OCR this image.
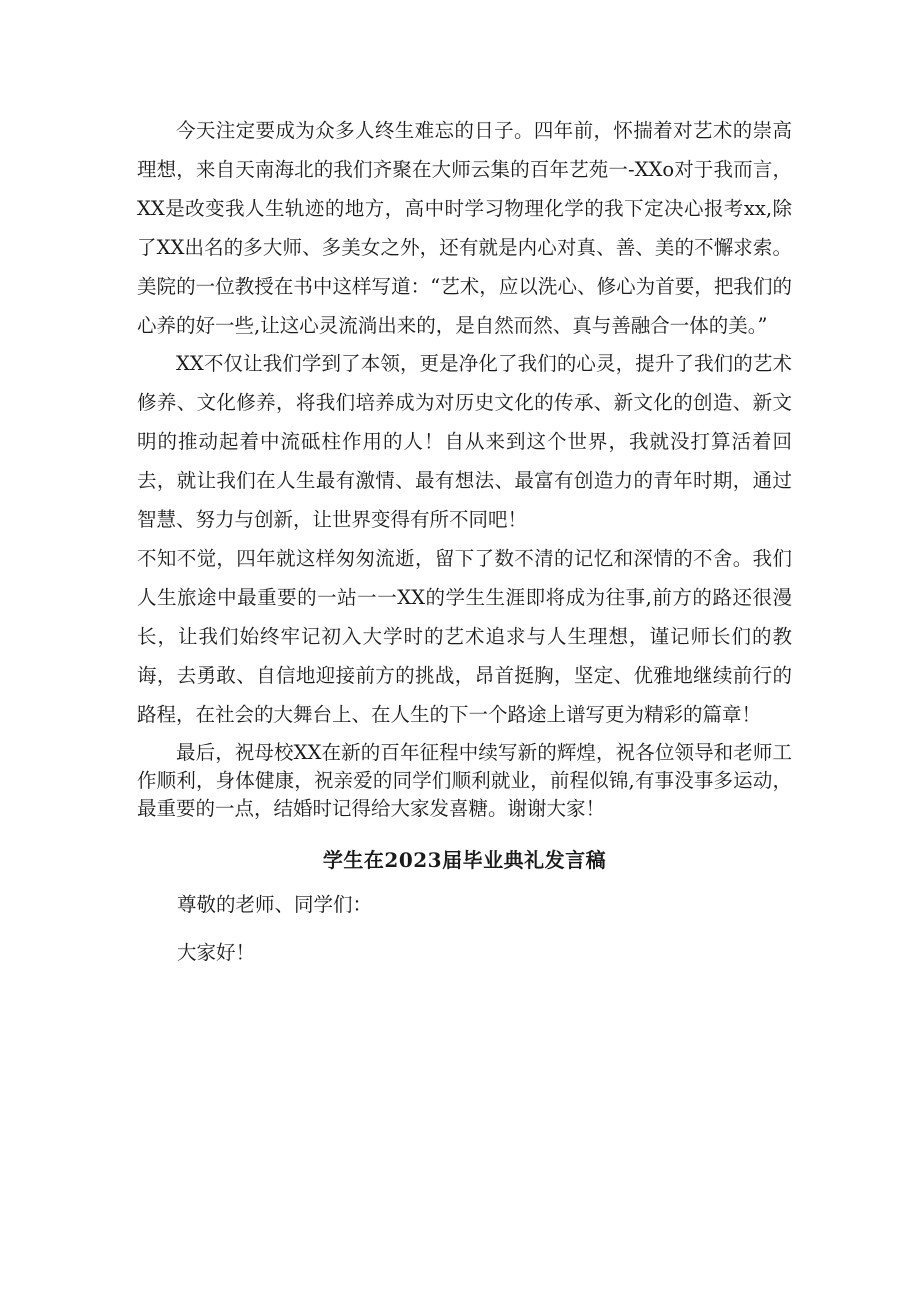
今天注定要成为众多人终生难忘的日子。四年前，怀揣着对艺术的崇高理想，来自天南海北的我们齐聚在大师云集的百年艺苑一-XXo对于我而言，XX是改变我人生轨迹的地方，高中时学习物理化学的我下定决心报考xx,除了XX出名的多大师、多美女之外，还有就是内心对真、善、美的不懈求索。美院的一位教授在书中这样写道：“艺术，应以洗心、修心为首要，把我们的心养的好一些,让这心灵流淌出来的，是自然而然、真与善融合一体的美。”

XX不仅让我们学到了本领，更是净化了我们的心灵，提升了我们的艺术修养、文化修养，将我们培养成为对历史文化的传承、新文化的创造、新文明的推动起着中流砥柱作用的人！自从来到这个世界，我就没打算活着回去，就让我们在人生最有激情、最有想法、最富有创造力的青年时期，通过智慧、努力与创新，让世界变得有所不同吧！

不知不觉，四年就这样匆匆流逝，留下了数不清的记忆和深情的不舍。我们人生旅途中最重要的一站一一XX的学生生涯即将成为往事,前方的路还很漫长，让我们始终牢记初入大学时的艺术追求与人生理想，谨记师长们的教诲，去勇敢、自信地迎接前方的挑战，昂首挺胸，坚定、优雅地继续前行的路程，在社会的大舞台上、在人生的下一个路途上谱写更为精彩的篇章！

最后，祝母校XX在新的百年征程中续写新的辉煌，祝各位领导和老师工作顺利，身体健康，祝亲爱的同学们顺利就业，前程似锦,有事没事多运动，最重要的一点，结婚时记得给大家发喜糖。谢谢大家！

学生在2023届毕业典礼发言稿

尊敬的老师、同学们：

大家好！
